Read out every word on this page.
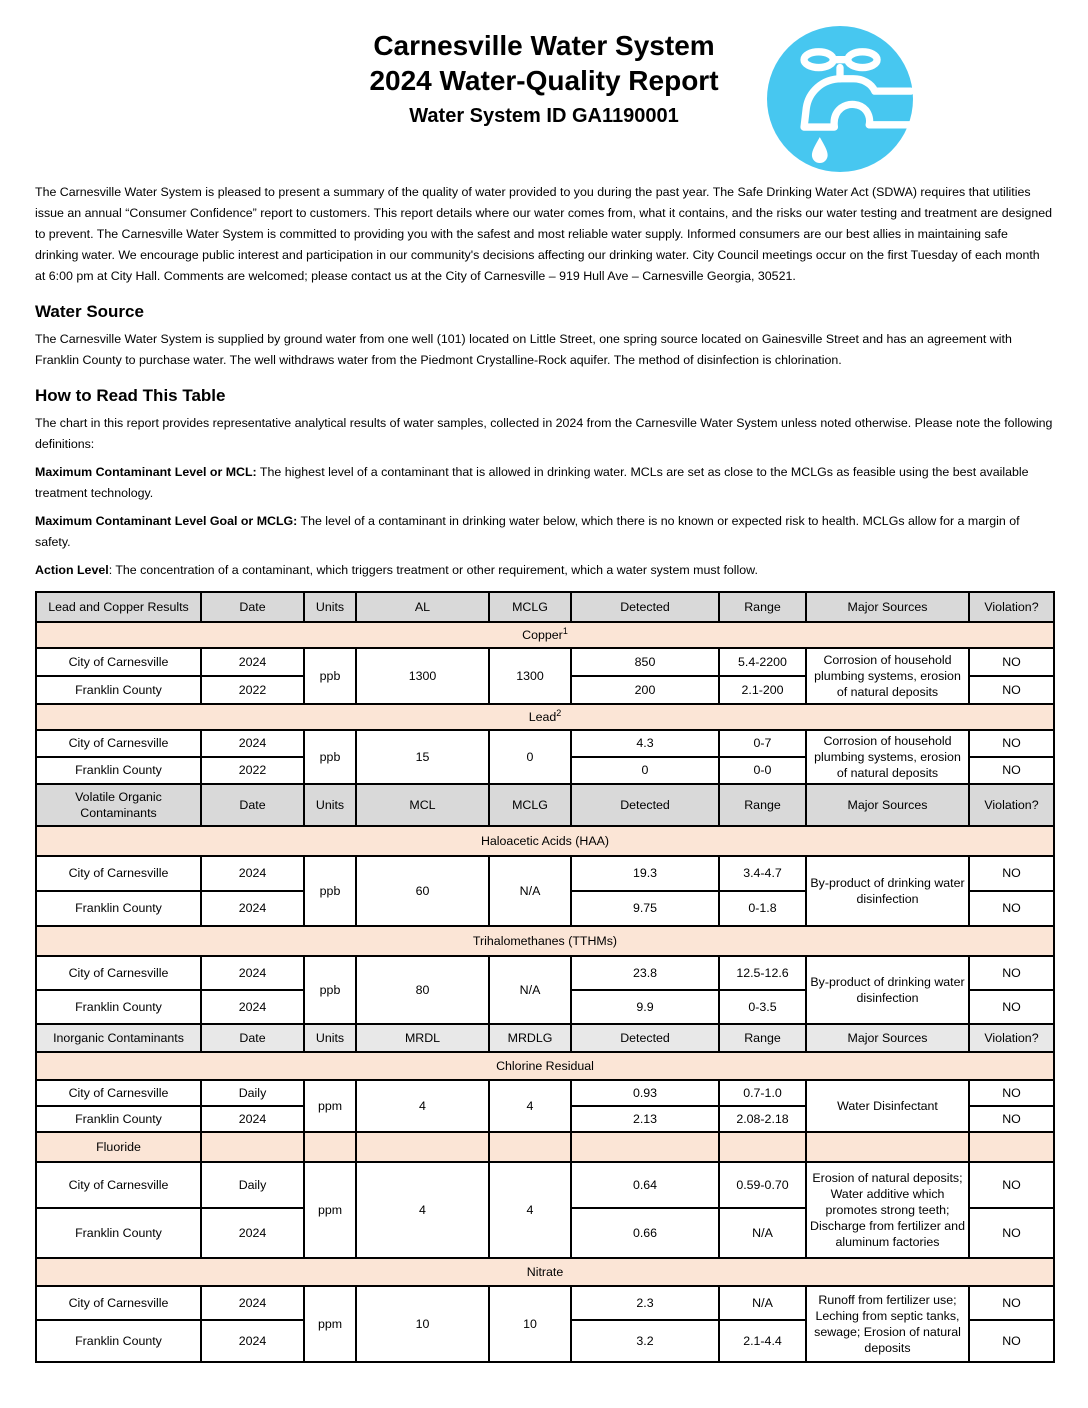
Carnesville Water System
2024 Water-Quality Report
Water System ID GA1190001

The Carnesville Water System is pleased to present a summary of the quality of water provided to you during the past year. The Safe Drinking Water Act (SDWA) requires that utilities issue an annual “Consumer Confidence” report to customers. This report details where our water comes from, what it contains, and the risks our water testing and treatment are designed to prevent. The Carnesville Water System is committed to providing you with the safest and most reliable water supply. Informed consumers are our best allies in maintaining safe drinking water. We encourage public interest and participation in our community's decisions affecting our drinking water. City Council meetings occur on the first Tuesday of each month at 6:00 pm at City Hall. Comments are welcomed; please contact us at the City of Carnesville – 919 Hull Ave – Carnesville Georgia, 30521.

Water Source

The Carnesville Water System is supplied by ground water from one well (101) located on Little Street, one spring source located on Gainesville Street and has an agreement with Franklin County to purchase water. The well withdraws water from the Piedmont Crystalline-Rock aquifer. The method of disinfection is chlorination.

How to Read This Table

The chart in this report provides representative analytical results of water samples, collected in 2024 from the Carnesville Water System unless noted otherwise. Please note the following definitions:

Maximum Contaminant Level or MCL: The highest level of a contaminant that is allowed in drinking water. MCLs are set as close to the MCLGs as feasible using the best available treatment technology.

Maximum Contaminant Level Goal or MCLG: The level of a contaminant in drinking water below, which there is no known or expected risk to health. MCLGs allow for a margin of safety.

Action Level: The concentration of a contaminant, which triggers treatment or other requirement, which a water system must follow.

Lead and Copper Results	Date	Units	AL	MCLG	Detected	Range	Major Sources	Violation?
Copper$^1$
City of Carnesville	2024	ppb	1300	1300	850	5.4-2200	Corrosion of household plumbing systems, erosion of natural deposits	NO
Franklin County	2022				200	2.1-200		NO
Lead$^2$
City of Carnesville	2024	ppb	15	0	4.3	0-7	Corrosion of household plumbing systems, erosion of natural deposits	NO
Franklin County	2022				0	0-0		NO
Volatile Organic Contaminants	Date	Units	MCL	MCLG	Detected	Range	Major Sources	Violation?
Haloacetic Acids (HAA)								
City of Carnesville	2024	ppb	60	N/A	19.3	3.4-4.7	By-product of drinking water disinfection	NO
Franklin County	2024				9.75	0-1.8		NO
Trihalomethanes (TTHMs)								
City of Carnesville	2024	ppb	80	N/A	23.8	12.5-12.6	By-product of drinking water disinfection	NO
Franklin County	2024				9.9	0-3.5		NO
Inorganic Contaminants	Date	Units	MRDL	MRDLG	Detected	Range	Major Sources	Violation?
Chlorine Residual								
City of Carnesville	Daily	ppm	4	4	0.93	0.7-1.0	Water Disinfectant	NO
Franklin County	2024				2.13	2.08-2.18		NO
Fluoride								
City of Carnesville	Daily	ppm	4	4	0.64	0.59-0.70	Erosion of natural deposits; Water additive which promotes strong teeth; Discharge from fertilizer and aluminum factories	NO
Franklin County	2024				0.66	N/A		NO
Nitrate								
City of Carnesville	2024	ppm	10	10	2.3	N/A	Runoff from fertilizer use; Leching from septic tanks, sewage; Erosion of natural deposits	NO
Franklin County	2024				3.2	2.1-4.4		NO
